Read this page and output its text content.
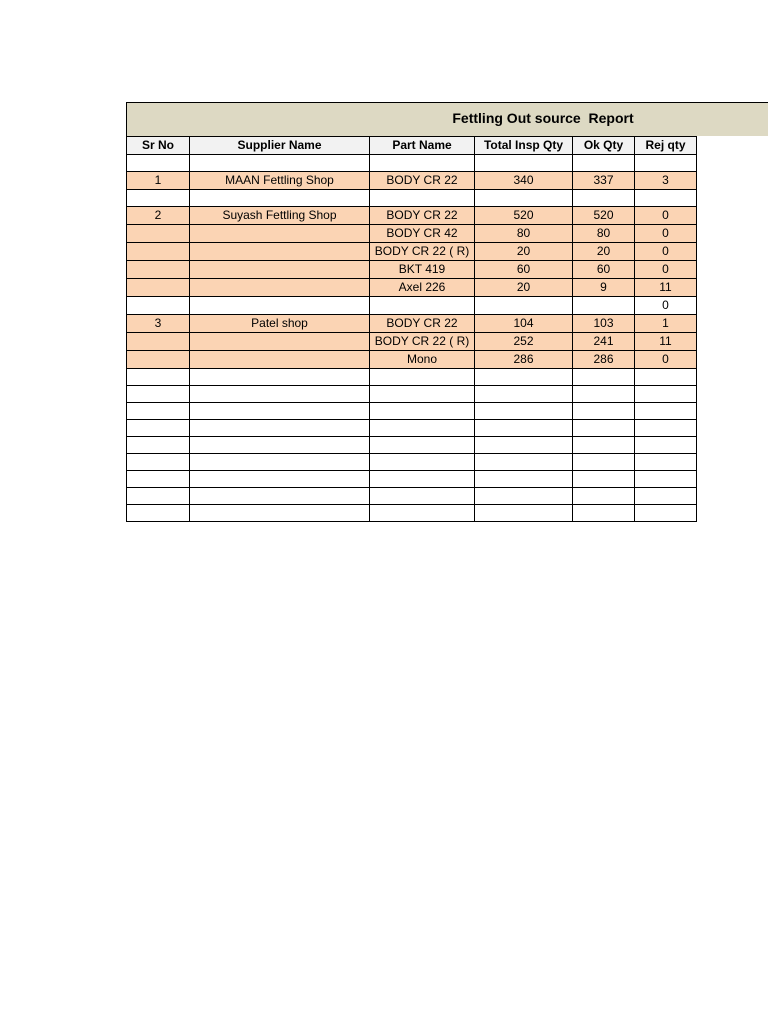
Fettling Out source  Report
Sr No	Supplier Name	Part Name	Total Insp Qty	Ok Qty	Rej qty

1	MAAN Fettling Shop	BODY CR 22	340	337	3

2	Suyash Fettling Shop	BODY CR 22	520	520	0
		BODY CR 42	80	80	0
		BODY CR 22 ( R)	20	20	0
		BKT 419	60	60	0
		Axel 226	20	9	11
					0
3	Patel shop	BODY CR 22	104	103	1
		BODY CR 22 ( R)	252	241	11
		Mono	286	286	0
